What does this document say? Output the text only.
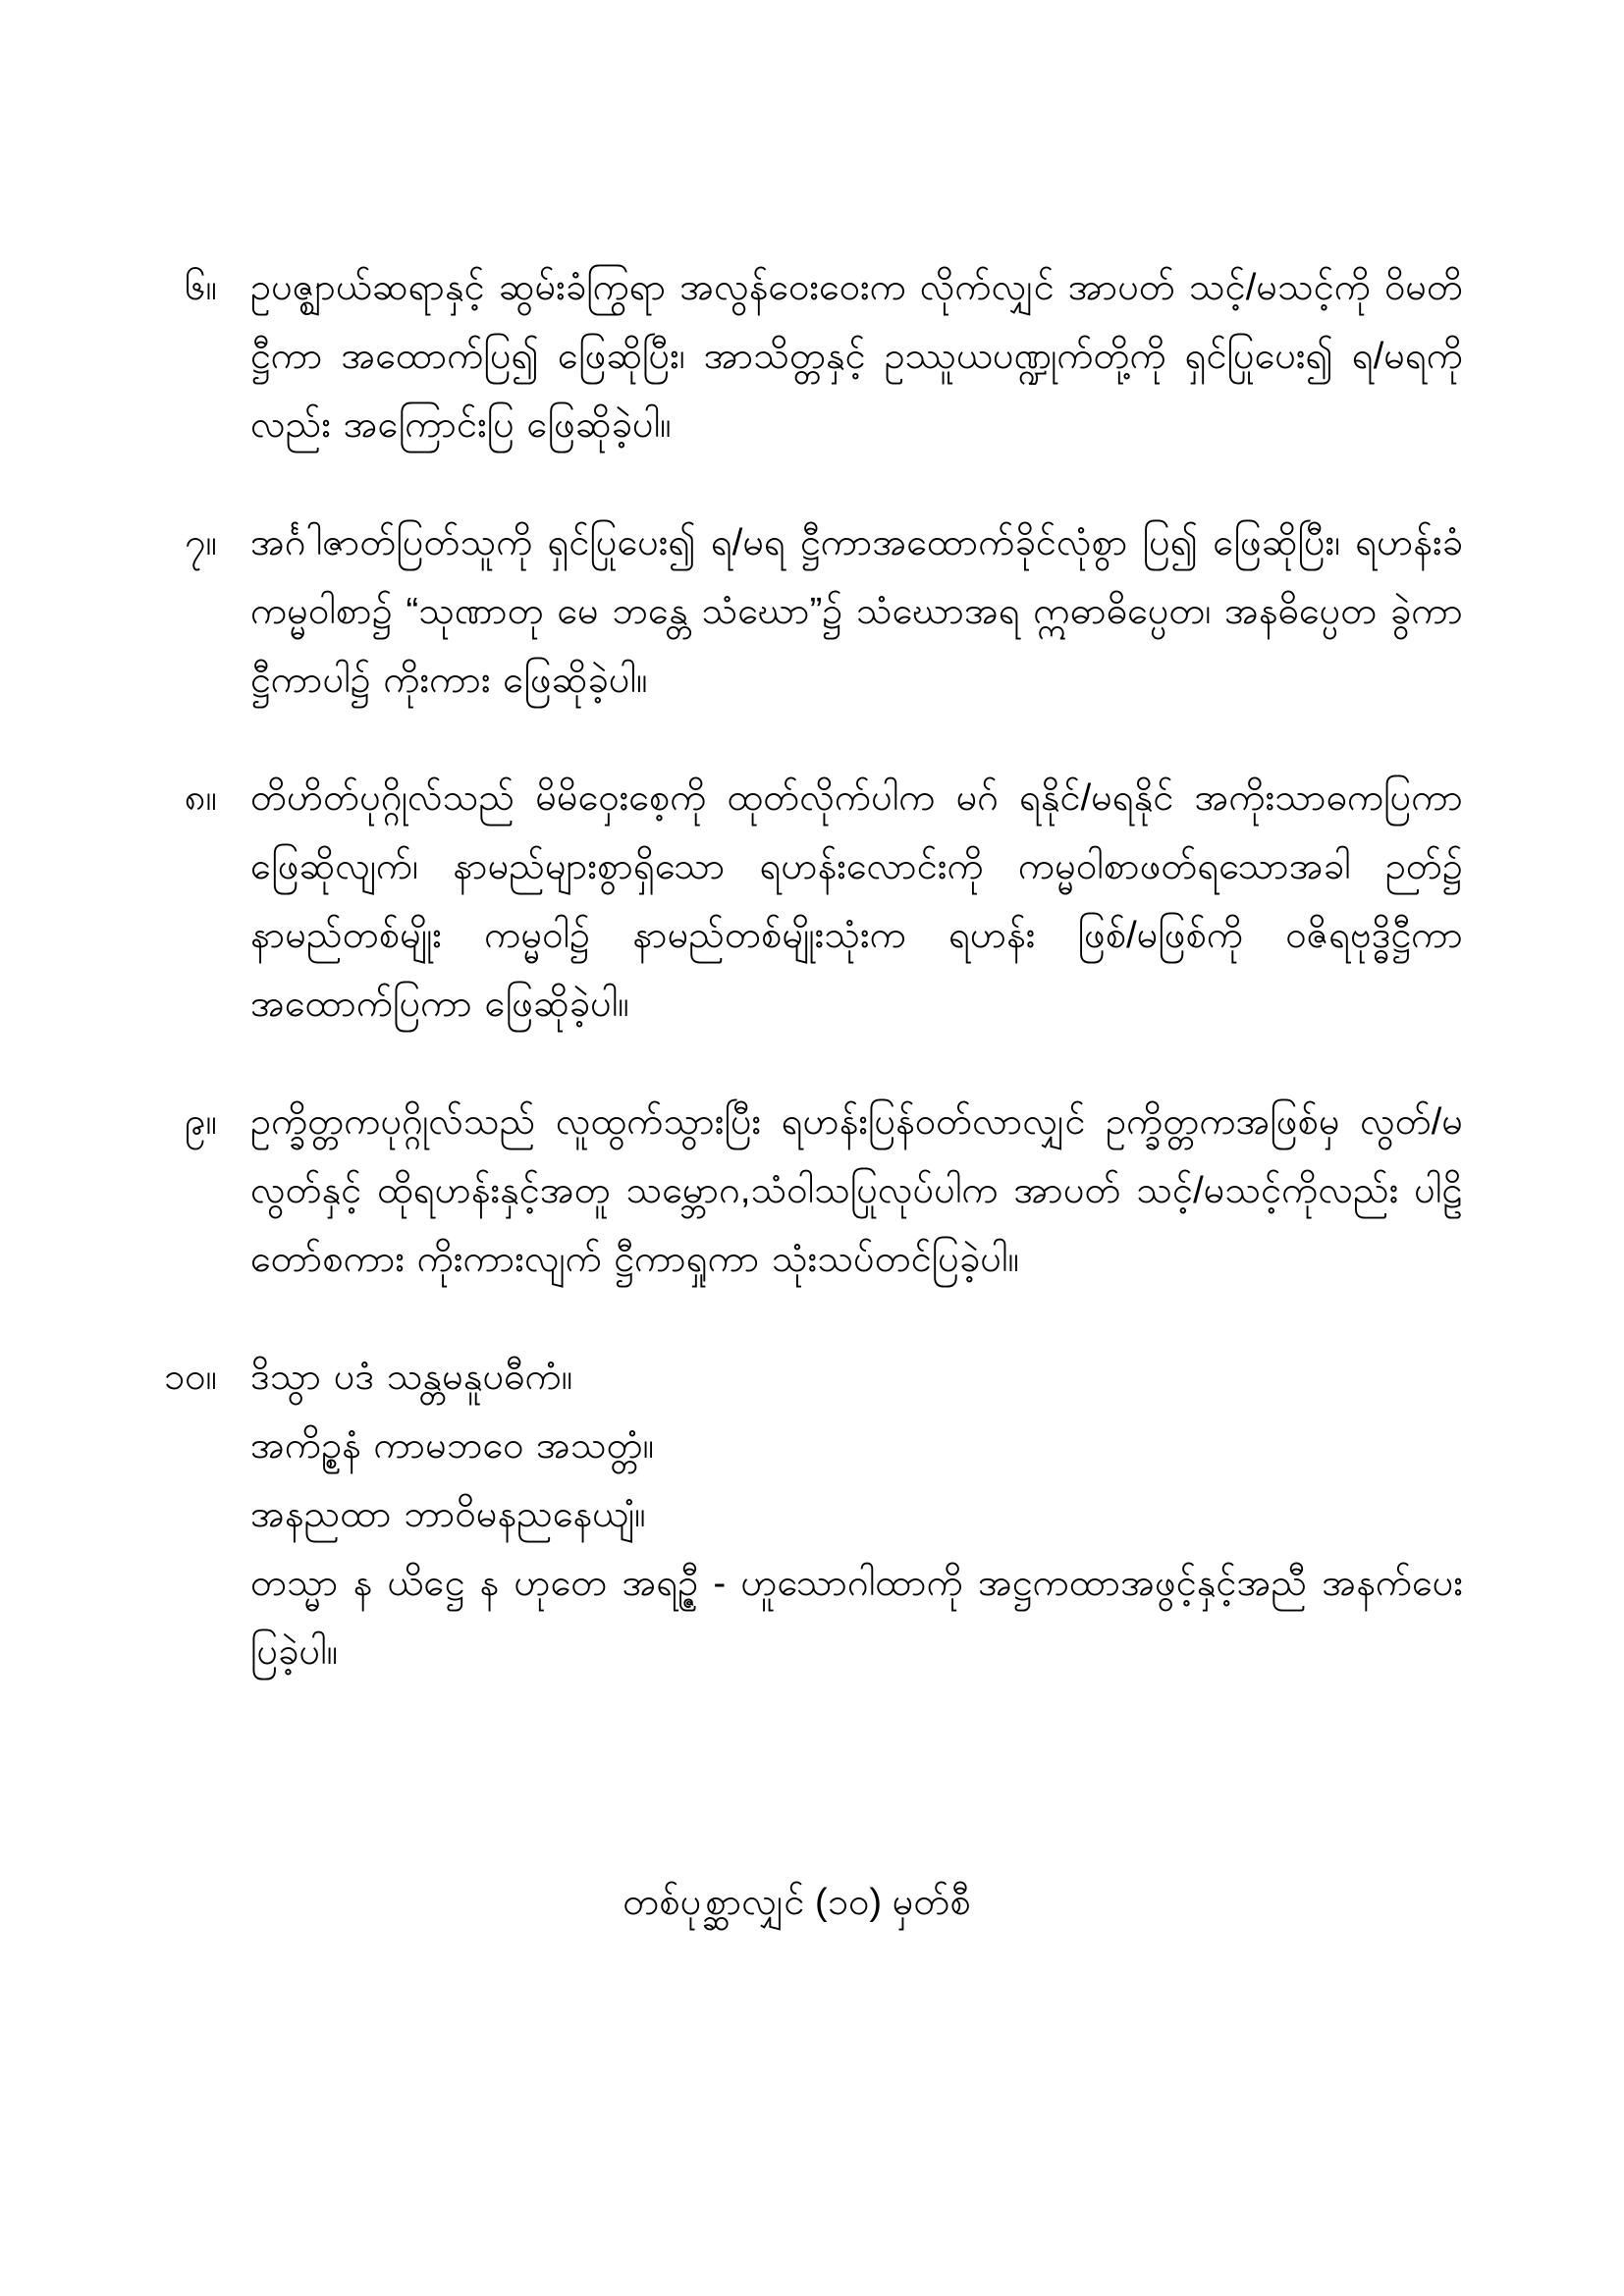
၆။ ဥပဇ္ဈာယ်ဆရာနှင့် ဆွမ်းခံကြွရာ အလွန်ဝေးဝေးက လိုက်လျှင် အာပတ် သင့်/မသင့်ကို ဝိမတိဋ္ဌီကာ အထောက်ပြ၍ ဖြေဆိုပြီး၊ အာသိတ္တနှင့် ဥဿူယပဏ္ဍုက်တို့ကို ရှင်ပြုပေး၍ ရ/မရကိုလည်း အကြောင်းပြ ဖြေဆိုခဲ့ပါ။
၇။ အင်္ဂါဇာတ်ပြတ်သူကို ရှင်ပြုပေး၍ ရ/မရ ဋ္ဌီကာအထောက်ခိုင်လုံစွာ ပြ၍ ဖြေဆိုပြီး၊ ရဟန်းခံ ကမ္မဝါစာ၌ “သုဏာတု မေ ဘန္တေ သံဃော”၌ သံဃောအရ ဣဓာဓိပ္ပေတ၊ အနဓိပ္ပေတ ခွဲကာ ဋ္ဌီကာပါ၌ ကိုးကား ဖြေဆိုခဲ့ပါ။
၈။ တိဟိတ်ပုဂ္ဂိုလ်သည် မိမိဝှေးစေ့ကို ထုတ်လိုက်ပါက မဂ် ရနိုင်/မရနိုင် အကိုးသာဓကပြကာ ဖြေဆိုလျက်၊ နာမည်များစွာရှိသော ရဟန်းလောင်းကို ကမ္မဝါစာဖတ်ရသောအခါ ဉတ်၌ နာမည်တစ်မျိုး ကမ္မဝါ၌ နာမည်တစ်မျိုးသုံးက ရဟန်း ဖြစ်/မဖြစ်ကို ဝဇိရဗုဒ္ဓိဋ္ဌီကာ အထောက်ပြကာ ဖြေဆိုခဲ့ပါ။
၉။ ဥက္ခိတ္တကပုဂ္ဂိုလ်သည် လူထွက်သွားပြီး ရဟန်းပြန်ဝတ်လာလျှင် ဥက္ခိတ္တကအဖြစ်မှ လွတ်/မလွတ်နှင့် ထိုရဟန်းနှင့်အတူ သမ္ဘောဂ,သံဝါသပြုလုပ်ပါက အာပတ် သင့်/မသင့်ကိုလည်း ပါဠိတော်စကား ကိုးကားလျက် ဋ္ဌီကာရှုကာ သုံးသပ်တင်ပြခဲ့ပါ။
၁၀။ ဒိသွာ ပဒံ သန္တမနူပဓီကံ။
အကိဉ္စနံ ကာမဘဝေ အသတ္တံ။
အနညထာ ဘာဝိမနညနေယျံ။
တသ္မာ န ယိဋ္ဌေ န ဟုတေ အရဉ္ဇီ - ဟူသောဂါထာကို အဋ္ဌကထာအဖွင့်နှင့်အညီ အနက်ပေးပြခဲ့ပါ။
တစ်ပုစ္ဆာလျှင် (၁၀) မှတ်စီ
